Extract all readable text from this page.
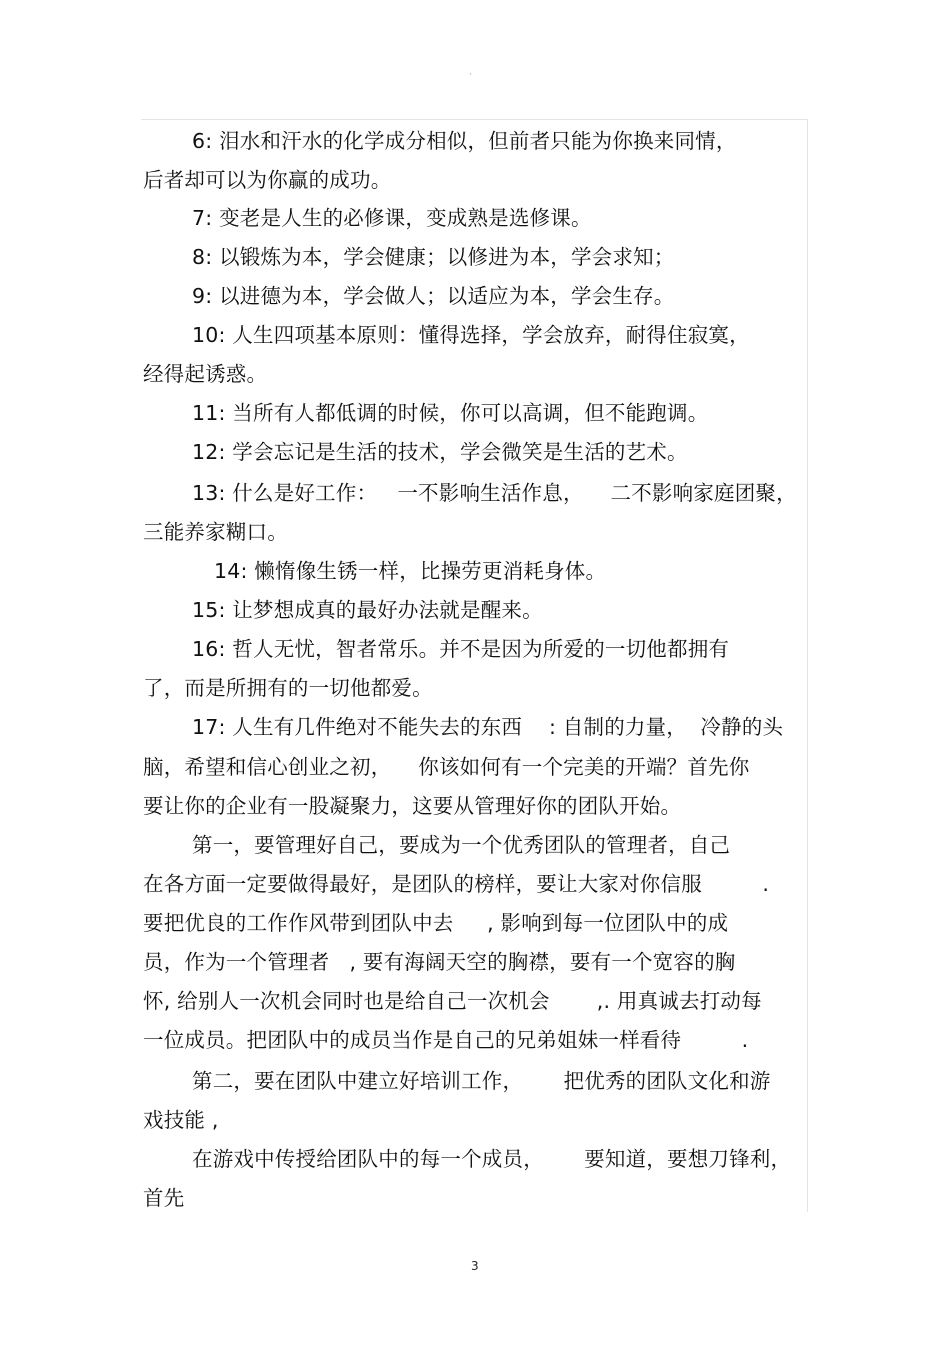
·
6: 泪水和汗水的化学成分相似，但前者只能为你换来同情，
后者却可以为你赢的成功。
7: 变老是人生的必修课，变成熟是选修课。
8: 以锻炼为本，学会健康；以修进为本，学会求知；
9: 以进德为本，学会做人；以适应为本，学会生存。
10: 人生四项基本原则：懂得选择，学会放弃，耐得住寂寞，
经得起诱惑。
11: 当所有人都低调的时候，你可以高调，但不能跑调。
12: 学会忘记是生活的技术，学会微笑是生活的艺术。
13: 什么是好工作：   一不影响生活作息，    二不影响家庭团聚，
三能养家糊口。
14: 懒惰像生锈一样，比操劳更消耗身体。
15: 让梦想成真的最好办法就是醒来。
16: 哲人无忧，智者常乐。并不是因为所爱的一切他都拥有
了，而是所拥有的一切他都爱。
17: 人生有几件绝对不能失去的东西    : 自制的力量，  冷静的头
脑，希望和信心创业之初，    你该如何有一个完美的开端？首先你
要让你的企业有一股凝聚力，这要从管理好你的团队开始。
第一，要管理好自己，要成为一个优秀团队的管理者，自己
在各方面一定要做得最好，是团队的榜样，要让大家对你信服         .
要把优良的工作作风带到团队中去     , 影响到每一位团队中的成
员，作为一个管理者   , 要有海阔天空的胸襟，要有一个宽容的胸
怀, 给别人一次机会同时也是给自己一次机会       ,. 用真诚去打动每
一位成员。把团队中的成员当作是自己的兄弟姐妹一样看待         .
第二，要在团队中建立好培训工作，      把优秀的团队文化和游
戏技能 ,
在游戏中传授给团队中的每一个成员，      要知道，要想刀锋利，
首先
3
